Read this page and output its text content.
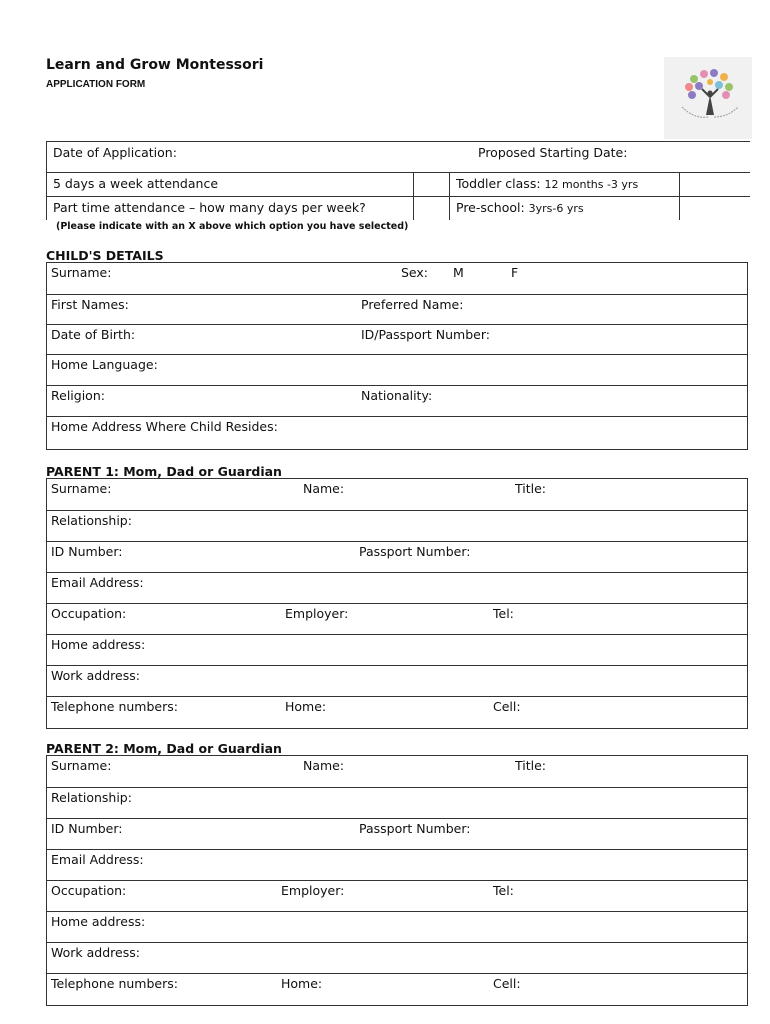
Learn and Grow Montessori
APPLICATION FORM
Date of Application:	Proposed Starting Date:
5 days a week attendance	Toddler class: 12 months -3 yrs
Part time attendance – how many days per week?	Pre-school: 3yrs-6 yrs
(Please indicate with an X above which option you have selected)
CHILD'S DETAILS
Surname:	Sex: M	F
First Names:	Preferred Name:
Date of Birth:	ID/Passport Number:
Home Language:
Religion:	Nationality:
Home Address Where Child Resides:
PARENT 1: Mom, Dad or Guardian
Surname:	Name:	Title:
Relationship:
ID Number:	Passport Number:
Email Address:
Occupation:	Employer:	Tel:
Home address:
Work address:
Telephone numbers:	Home:	Cell:
PARENT 2: Mom, Dad or Guardian
Surname:	Name:	Title:
Relationship:
ID Number:	Passport Number:
Email Address:
Occupation:	Employer:	Tel:
Home address:
Work address:
Telephone numbers:	Home:	Cell:
